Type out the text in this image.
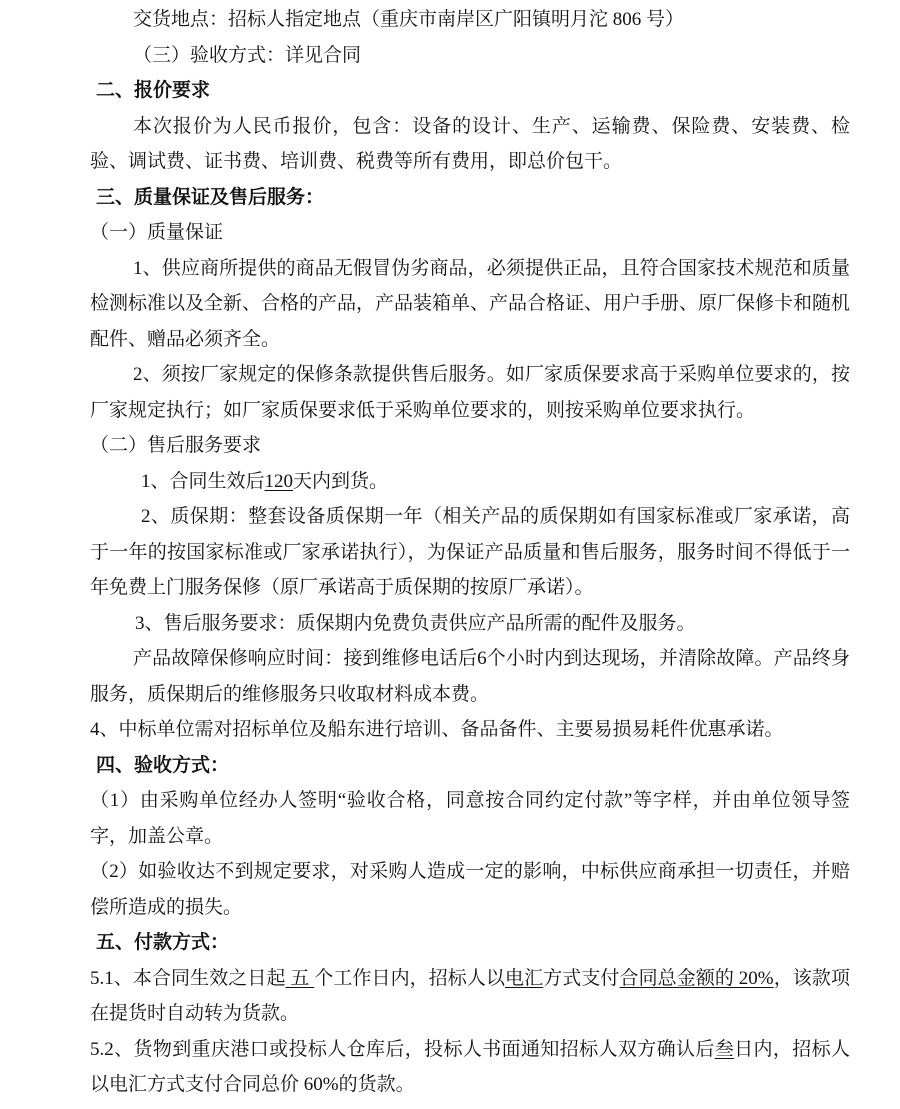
交货地点：招标人指定地点（重庆市南岸区广阳镇明月沱 806 号）

（三）验收方式：详见合同

二、报价要求

本次报价为人民币报价，包含：设备的设计、生产、运输费、保险费、安装费、检验、调试费、证书费、培训费、税费等所有费用，即总价包干。

三、质量保证及售后服务：

（一）质量保证

1、供应商所提供的商品无假冒伪劣商品，必须提供正品，且符合国家技术规范和质量检测标准以及全新、合格的产品，产品装箱单、产品合格证、用户手册、原厂保修卡和随机配件、赠品必须齐全。

2、须按厂家规定的保修条款提供售后服务。如厂家质保要求高于采购单位要求的，按厂家规定执行；如厂家质保要求低于采购单位要求的，则按采购单位要求执行。

（二）售后服务要求

1、合同生效后120天内到货。

2、质保期：整套设备质保期一年（相关产品的质保期如有国家标准或厂家承诺，高于一年的按国家标准或厂家承诺执行），为保证产品质量和售后服务，服务时间不得低于一年免费上门服务保修（原厂承诺高于质保期的按原厂承诺）。

3、售后服务要求：质保期内免费负责供应产品所需的配件及服务。

产品故障保修响应时间：接到维修电话后6个小时内到达现场，并清除故障。产品终身服务，质保期后的维修服务只收取材料成本费。

4、中标单位需对招标单位及船东进行培训、备品备件、主要易损易耗件优惠承诺。

四、验收方式：

（1）由采购单位经办人签明“验收合格，同意按合同约定付款”等字样，并由单位领导签字，加盖公章。

（2）如验收达不到规定要求，对采购人造成一定的影响，中标供应商承担一切责任，并赔偿所造成的损失。

五、付款方式：

5.1、本合同生效之日起 五 个工作日内，招标人以电汇方式支付合同总金额的 20%，该款项在提货时自动转为货款。

5.2、货物到重庆港口或投标人仓库后，投标人书面通知招标人双方确认后叁日内，招标人以电汇方式支付合同总价 60%的货款。
